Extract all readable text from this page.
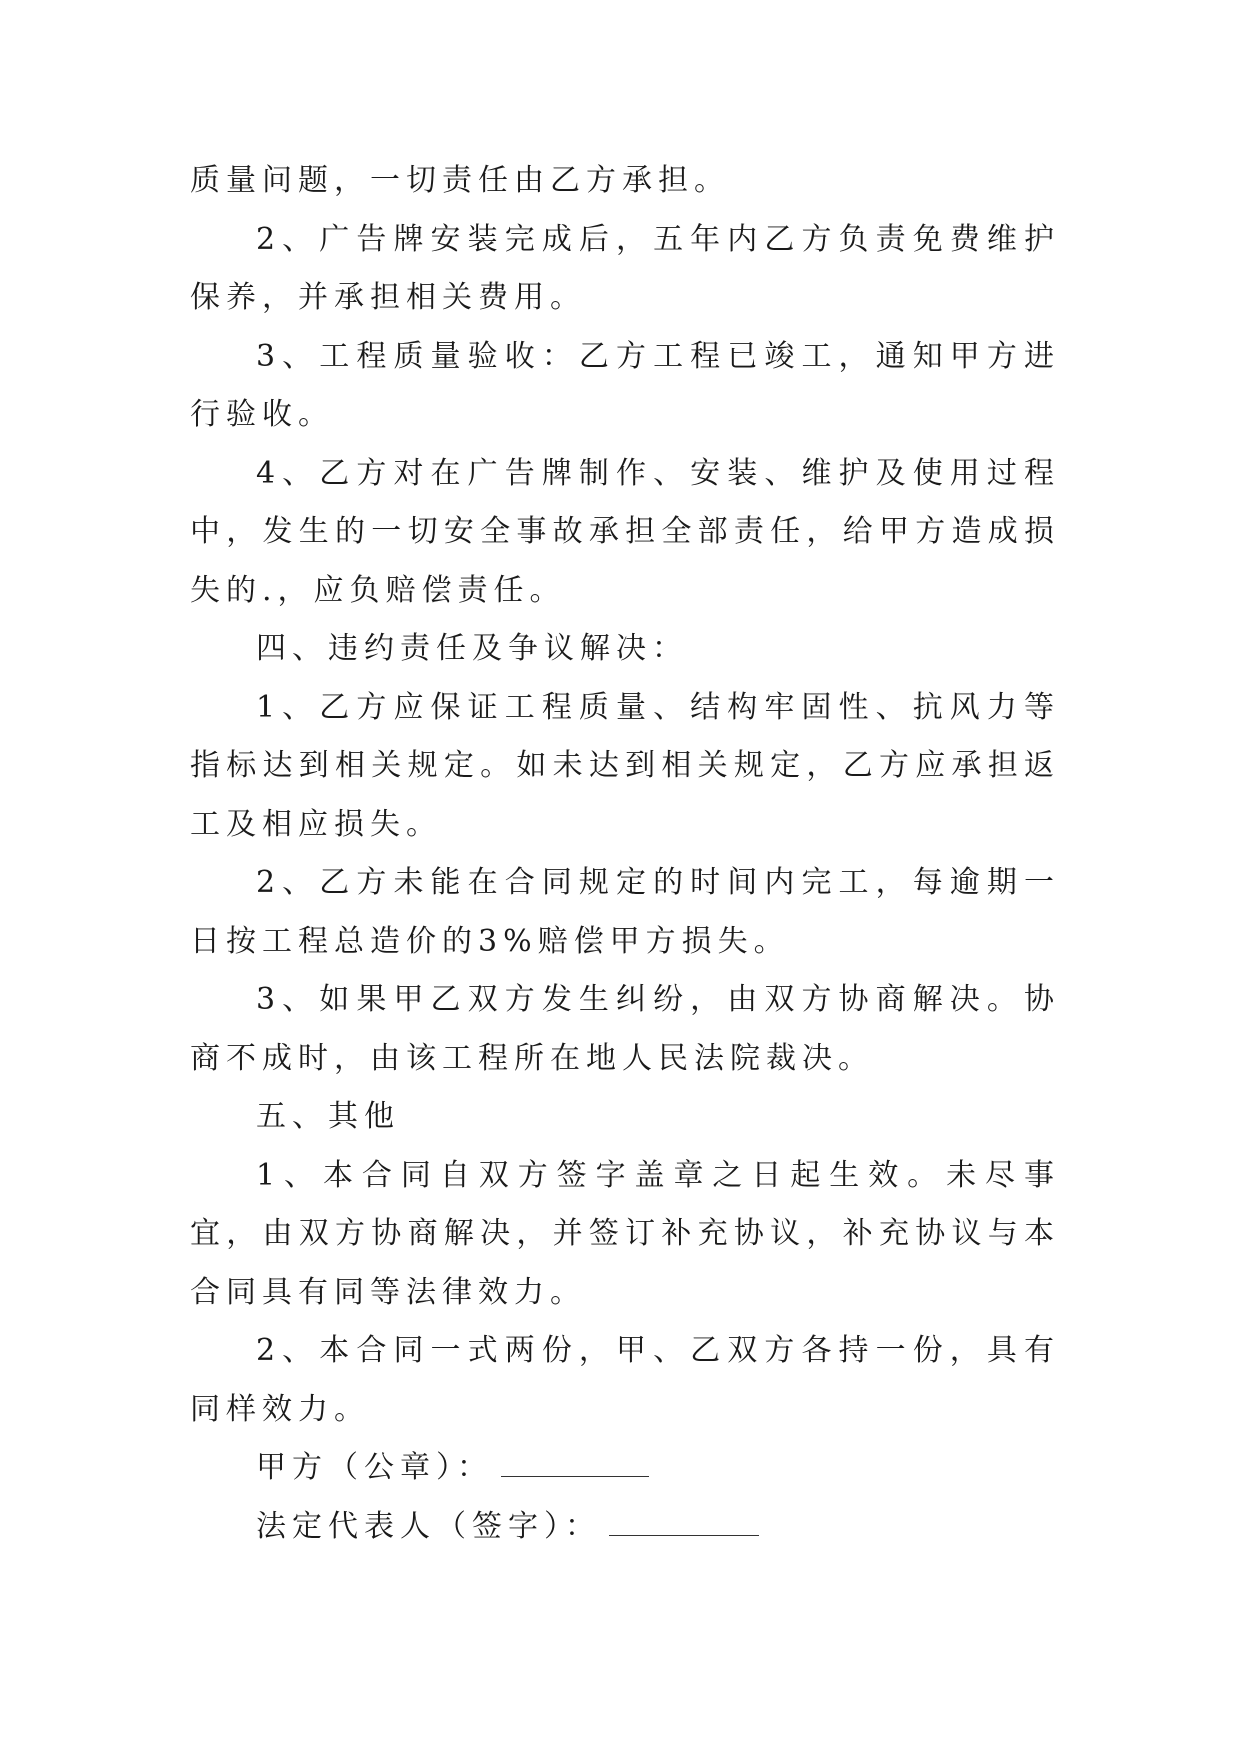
质量问题，一切责任由乙方承担。

2、广告牌安装完成后，五年内乙方负责免费维护保养，并承担相关费用。

3、工程质量验收：乙方工程已竣工，通知甲方进行验收。

4、乙方对在广告牌制作、安装、维护及使用过程中，发生的一切安全事故承担全部责任，给甲方造成损失的.，应负赔偿责任。

四、违约责任及争议解决：

1、乙方应保证工程质量、结构牢固性、抗风力等指标达到相关规定。如未达到相关规定，乙方应承担返工及相应损失。

2、乙方未能在合同规定的时间内完工，每逾期一日按工程总造价的3%赔偿甲方损失。

3、如果甲乙双方发生纠纷，由双方协商解决。协商不成时，由该工程所在地人民法院裁决。

五、其他

1、本合同自双方签字盖章之日起生效。未尽事宜，由双方协商解决，并签订补充协议，补充协议与本合同具有同等法律效力。

2、本合同一式两份，甲、乙双方各持一份，具有同样效力。

甲方（公章）：

法定代表人（签字）：
